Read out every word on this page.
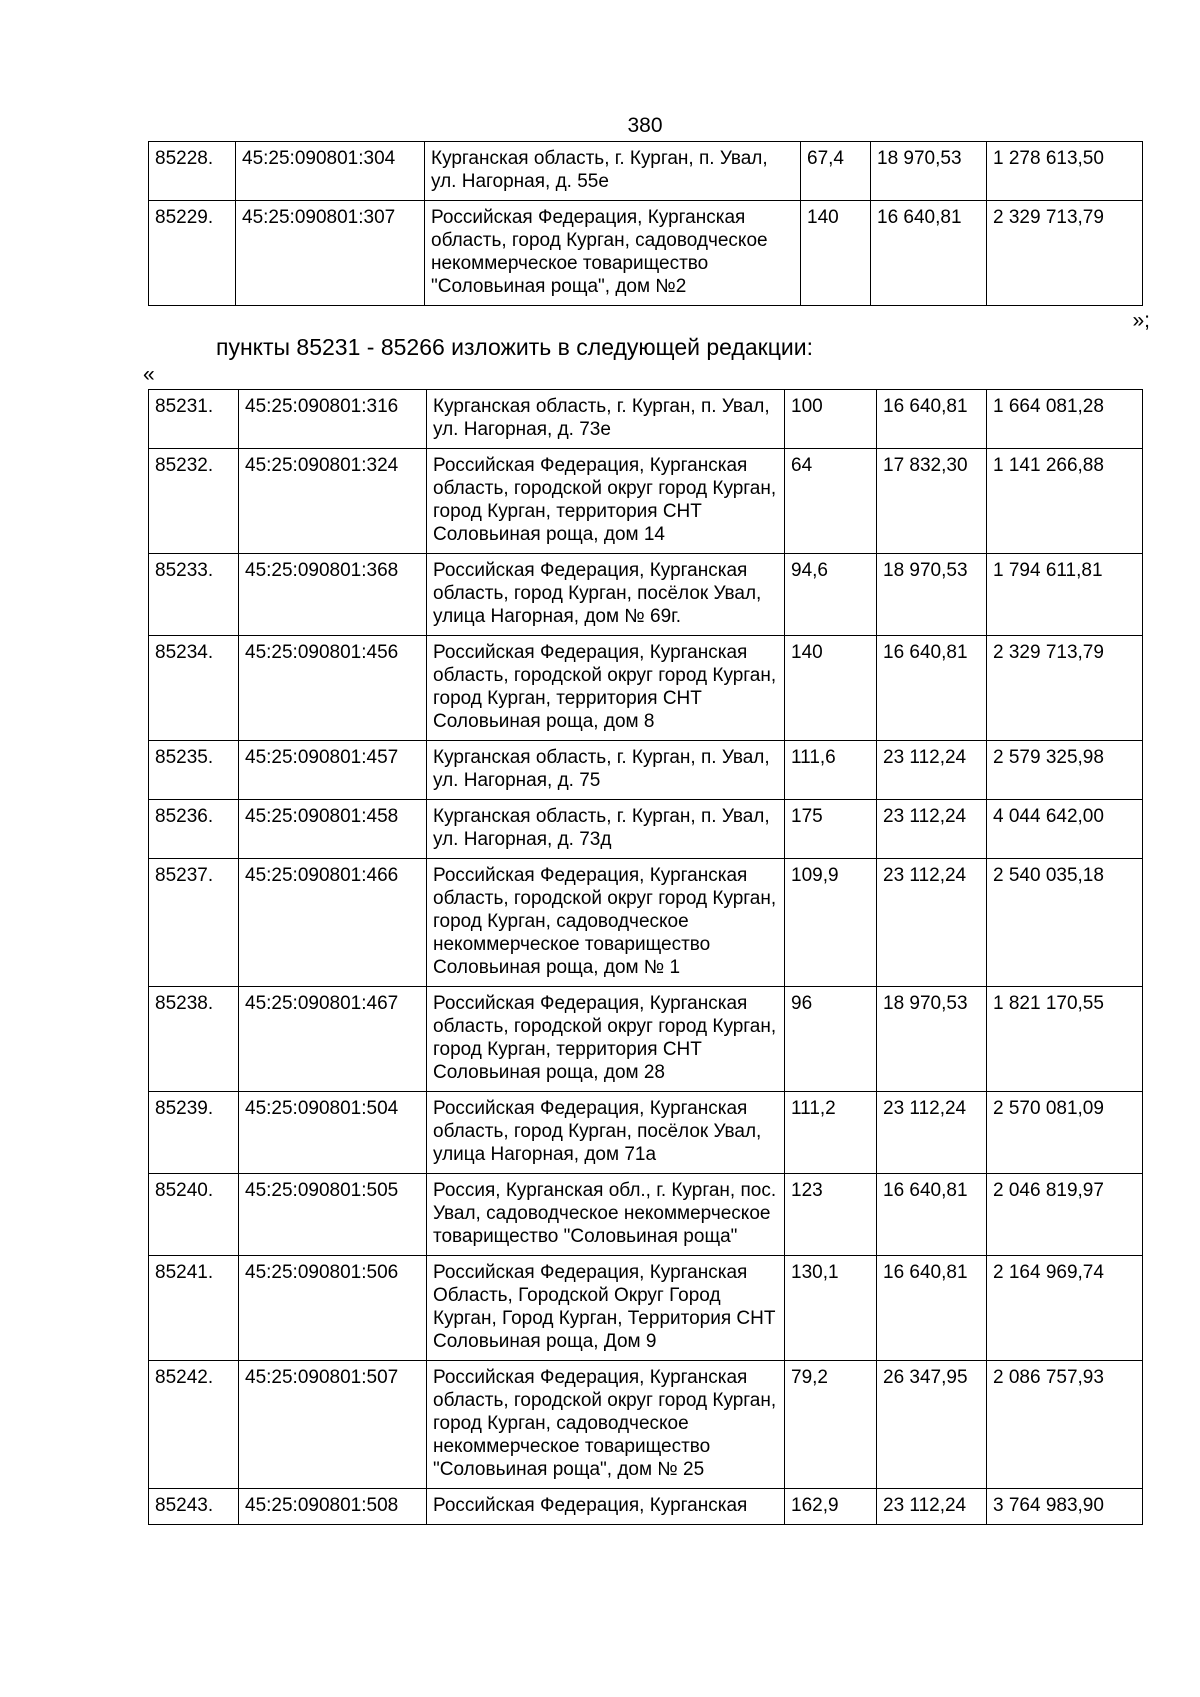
380
85228.	45:25:090801:304	Курганская область, г. Курган, п. Увал, ул. Нагорная, д. 55е	67,4	18 970,53	1 278 613,50
85229.	45:25:090801:307	Российская Федерация, Курганская область, город Курган, садоводческое некоммерческое товарищество "Соловьиная роща", дом №2	140	16 640,81	2 329 713,79
»;
пункты 85231 - 85266 изложить в следующей редакции:
«
85231.	45:25:090801:316	Курганская область, г. Курган, п. Увал, ул. Нагорная, д. 73е	100	16 640,81	1 664 081,28
85232.	45:25:090801:324	Российская Федерация, Курганская область, городской округ город Курган, город Курган, территория СНТ Соловьиная роща, дом 14	64	17 832,30	1 141 266,88
85233.	45:25:090801:368	Российская Федерация, Курганская область, город Курган, посёлок Увал, улица Нагорная, дом № 69г.	94,6	18 970,53	1 794 611,81
85234.	45:25:090801:456	Российская Федерация, Курганская область, городской округ город Курган, город Курган, территория СНТ Соловьиная роща, дом 8	140	16 640,81	2 329 713,79
85235.	45:25:090801:457	Курганская область, г. Курган, п. Увал, ул. Нагорная, д. 75	111,6	23 112,24	2 579 325,98
85236.	45:25:090801:458	Курганская область, г. Курган, п. Увал, ул. Нагорная, д. 73д	175	23 112,24	4 044 642,00
85237.	45:25:090801:466	Российская Федерация, Курганская область, городской округ город Курган, город Курган, садоводческое некоммерческое товарищество Соловьиная роща, дом № 1	109,9	23 112,24	2 540 035,18
85238.	45:25:090801:467	Российская Федерация, Курганская область, городской округ город Курган, город Курган, территория СНТ Соловьиная роща, дом 28	96	18 970,53	1 821 170,55
85239.	45:25:090801:504	Российская Федерация, Курганская область, город Курган, посёлок Увал, улица Нагорная, дом 71а	111,2	23 112,24	2 570 081,09
85240.	45:25:090801:505	Россия, Курганская обл., г. Курган, пос. Увал, садоводческое некоммерческое товарищество "Соловьиная роща"	123	16 640,81	2 046 819,97
85241.	45:25:090801:506	Российская Федерация, Курганская Область, Городской Округ Город Курган, Город Курган, Территория СНТ Соловьиная роща, Дом 9	130,1	16 640,81	2 164 969,74
85242.	45:25:090801:507	Российская Федерация, Курганская область, городской округ город Курган, город Курган, садоводческое некоммерческое товарищество "Соловьиная роща", дом № 25	79,2	26 347,95	2 086 757,93
85243.	45:25:090801:508	Российская Федерация, Курганская	162,9	23 112,24	3 764 983,90
